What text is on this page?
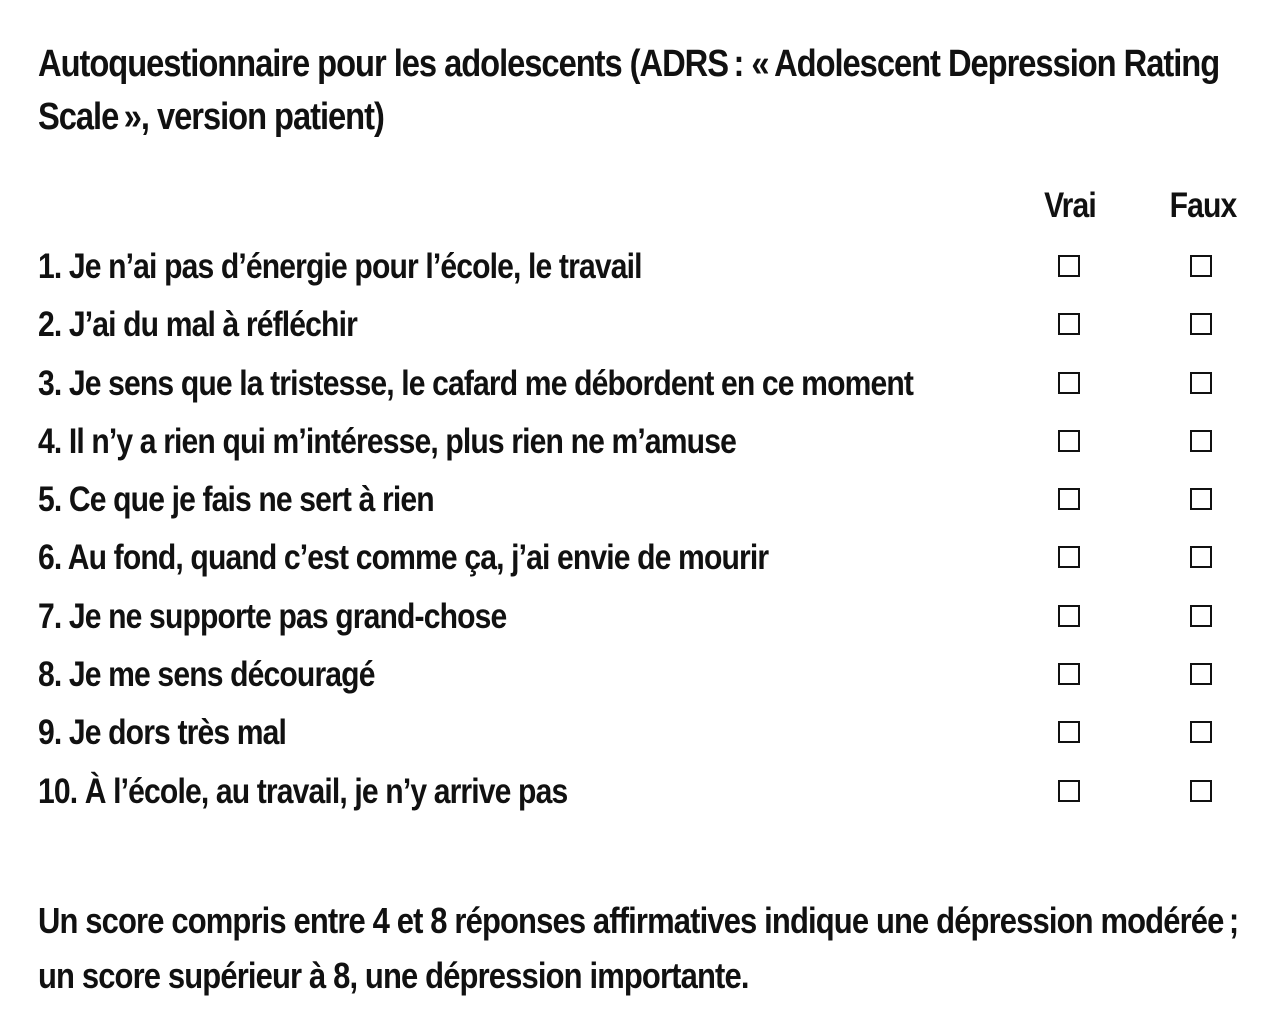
Autoquestionnaire pour les adolescents (ADRS : « Adolescent Depression Rating Scale », version patient)
Vrai Faux
1. Je n’ai pas d’énergie pour l’école, le travail
2. J’ai du mal à réfléchir
3. Je sens que la tristesse, le cafard me débordent en ce moment
4. Il n’y a rien qui m’intéresse, plus rien ne m’amuse
5. Ce que je fais ne sert à rien
6. Au fond, quand c’est comme ça, j’ai envie de mourir
7. Je ne supporte pas grand-chose
8. Je me sens découragé
9. Je dors très mal
10. À l’école, au travail, je n’y arrive pas
Un score compris entre 4 et 8 réponses affirmatives indique une dépression modérée ; un score supérieur à 8, une dépression importante.
